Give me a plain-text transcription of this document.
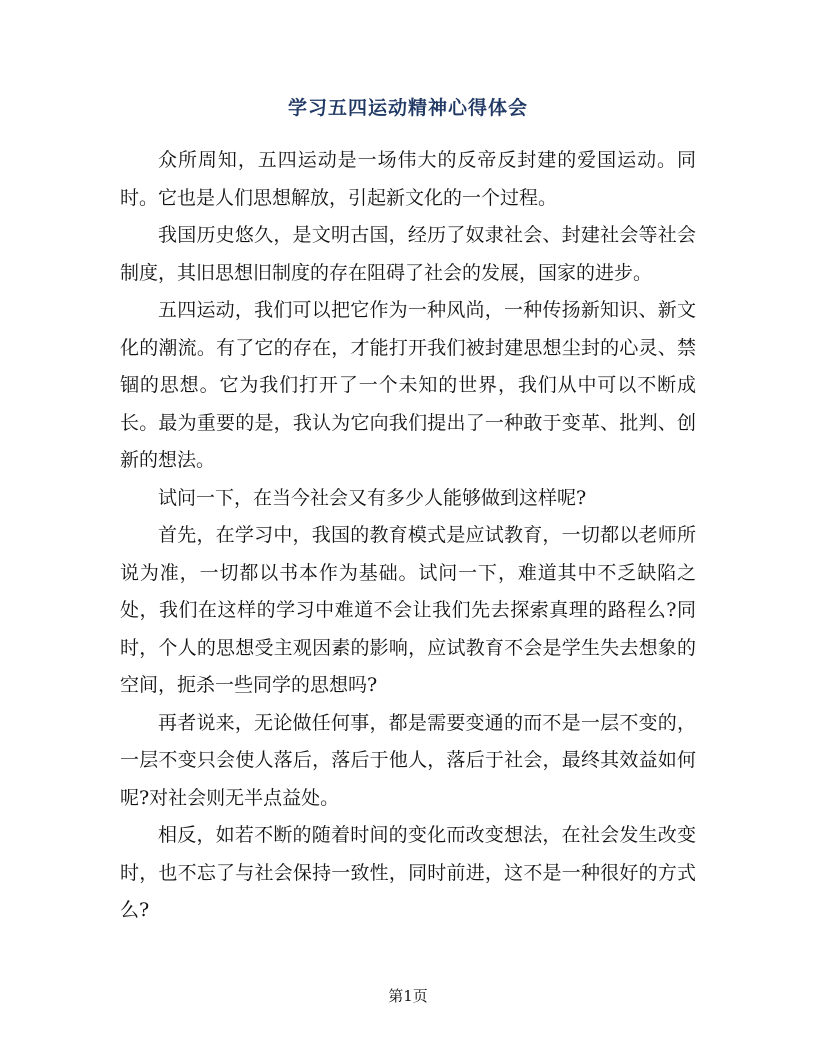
学习五四运动精神心得体会

众所周知，五四运动是一场伟大的反帝反封建的爱国运动。同时。它也是人们思想解放，引起新文化的一个过程。

我国历史悠久，是文明古国，经历了奴隶社会、封建社会等社会制度，其旧思想旧制度的存在阻碍了社会的发展，国家的进步。

五四运动，我们可以把它作为一种风尚，一种传扬新知识、新文化的潮流。有了它的存在，才能打开我们被封建思想尘封的心灵、禁锢的思想。它为我们打开了一个未知的世界，我们从中可以不断成长。最为重要的是，我认为它向我们提出了一种敢于变革、批判、创新的想法。

试问一下，在当今社会又有多少人能够做到这样呢?

首先，在学习中，我国的教育模式是应试教育，一切都以老师所说为准，一切都以书本作为基础。试问一下，难道其中不乏缺陷之处，我们在这样的学习中难道不会让我们先去探索真理的路程么?同时，个人的思想受主观因素的影响，应试教育不会是学生失去想象的空间，扼杀一些同学的思想吗?

再者说来，无论做任何事，都是需要变通的而不是一层不变的，一层不变只会使人落后，落后于他人，落后于社会，最终其效益如何呢?对社会则无半点益处。

相反，如若不断的随着时间的变化而改变想法，在社会发生改变时，也不忘了与社会保持一致性，同时前进，这不是一种很好的方式么?

第1页
